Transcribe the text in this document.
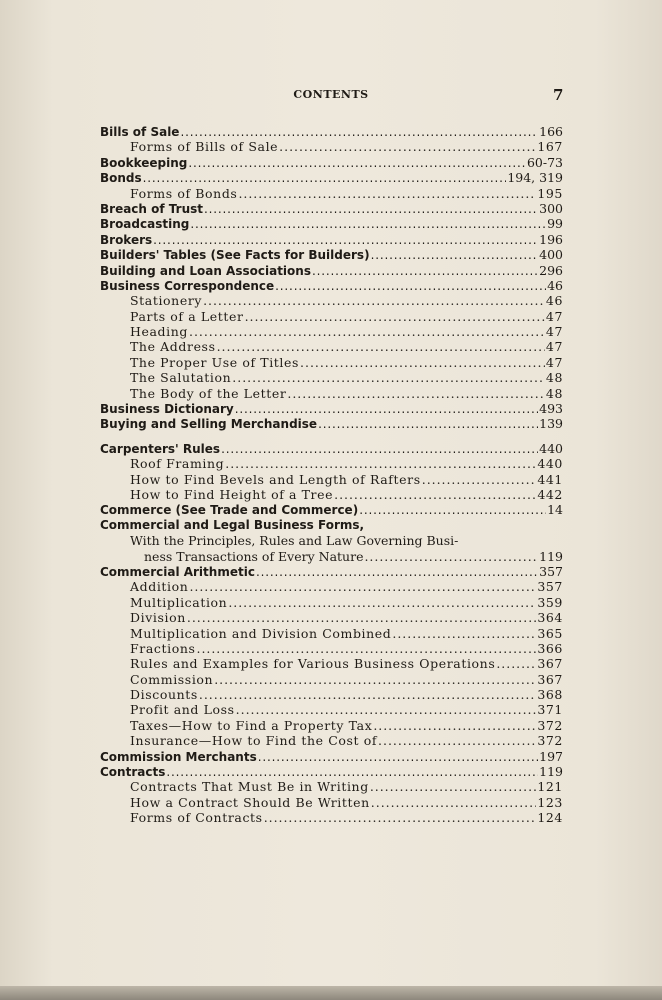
CONTENTS	7
Bills of Sale . . .	166
Forms of Bills of Sale . . .	167
Bookkeeping . . .	60-73
Bonds . . .	194, 319
Forms of Bonds . . .	195
Breach of Trust . . .	300
Broadcasting . . .	99
Brokers . . .	196
Builders' Tables (See Facts for Builders) . . .	400
Building and Loan Associations . . .	296
Business Correspondence . . .	46
Stationery . . .	46
Parts of a Letter . . .	47
Heading . . .	47
The Address . . .	47
The Proper Use of Titles . . .	47
The Salutation . . .	48
The Body of the Letter . . .	48
Business Dictionary . . .	493
Buying and Selling Merchandise . . .	139
Carpenters' Rules . . .	440
Roof Framing . . .	440
How to Find Bevels and Length of Rafters . . .	441
How to Find Height of a Tree . . .	442
Commerce (See Trade and Commerce) . . .	14
Commercial and Legal Business Forms,
With the Principles, Rules and Law Governing Busi-
ness Transactions of Every Nature . . .	119
Commercial Arithmetic . . .	357
Addition . . .	357
Multiplication . . .	359
Division . . .	364
Multiplication and Division Combined . . .	365
Fractions . . .	366
Rules and Examples for Various Business Operations . . .	367
Commission . . .	367
Discounts . . .	368
Profit and Loss . . .	371
Taxes—How to Find a Property Tax . . .	372
Insurance—How to Find the Cost of . . .	372
Commission Merchants . . .	197
Contracts . . .	119
Contracts That Must Be in Writing . . .	121
How a Contract Should Be Written . . .	123
Forms of Contracts . . .	124
